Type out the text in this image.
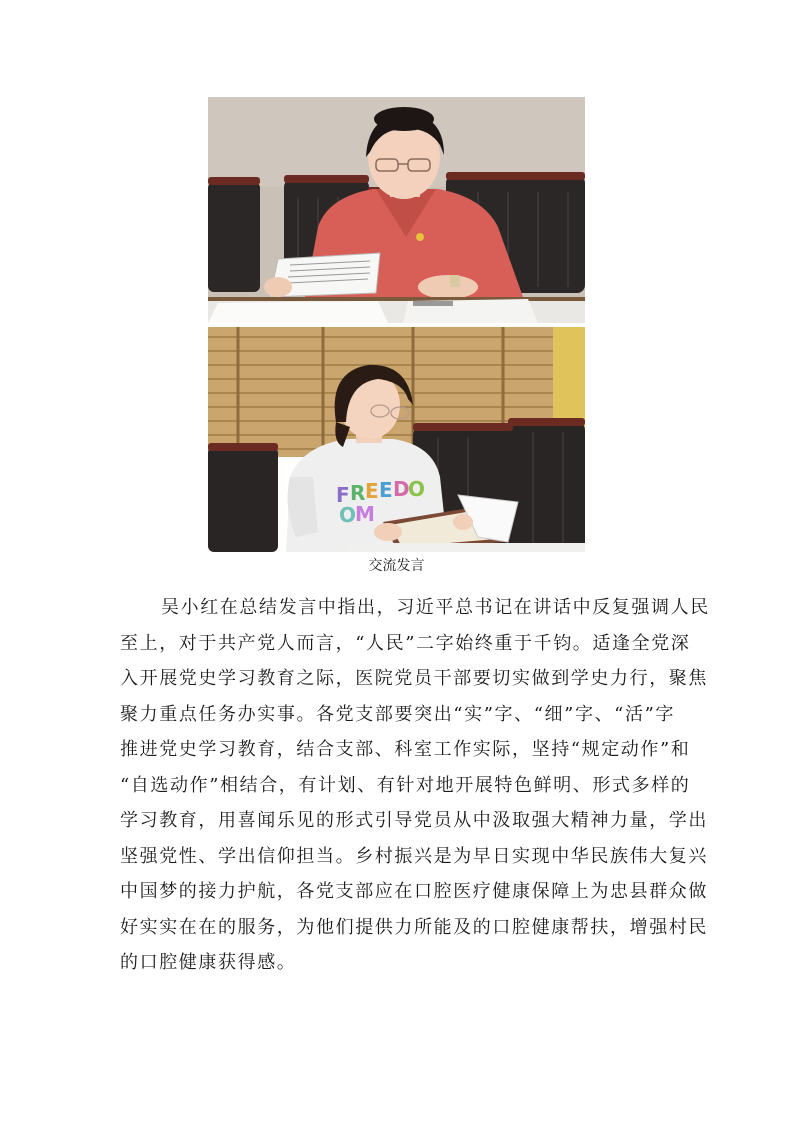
F R E E D
O
O
M
交流发言
吴小红在总结发言中指出，习近平总书记在讲话中反复强调人民
至上，对于共产党人而言，“人民”二字始终重于千钧。适逢全党深
入开展党史学习教育之际，医院党员干部要切实做到学史力行，聚焦
聚力重点任务办实事。各党支部要突出“实”字、“细”字、“活”字
推进党史学习教育，结合支部、科室工作实际，坚持“规定动作”和
“自选动作”相结合，有计划、有针对地开展特色鲜明、形式多样的
学习教育，用喜闻乐见的形式引导党员从中汲取强大精神力量，学出
坚强党性、学出信仰担当。乡村振兴是为早日实现中华民族伟大复兴
中国梦的接力护航，各党支部应在口腔医疗健康保障上为忠县群众做
好实实在在的服务，为他们提供力所能及的口腔健康帮扶，增强村民
的口腔健康获得感。
